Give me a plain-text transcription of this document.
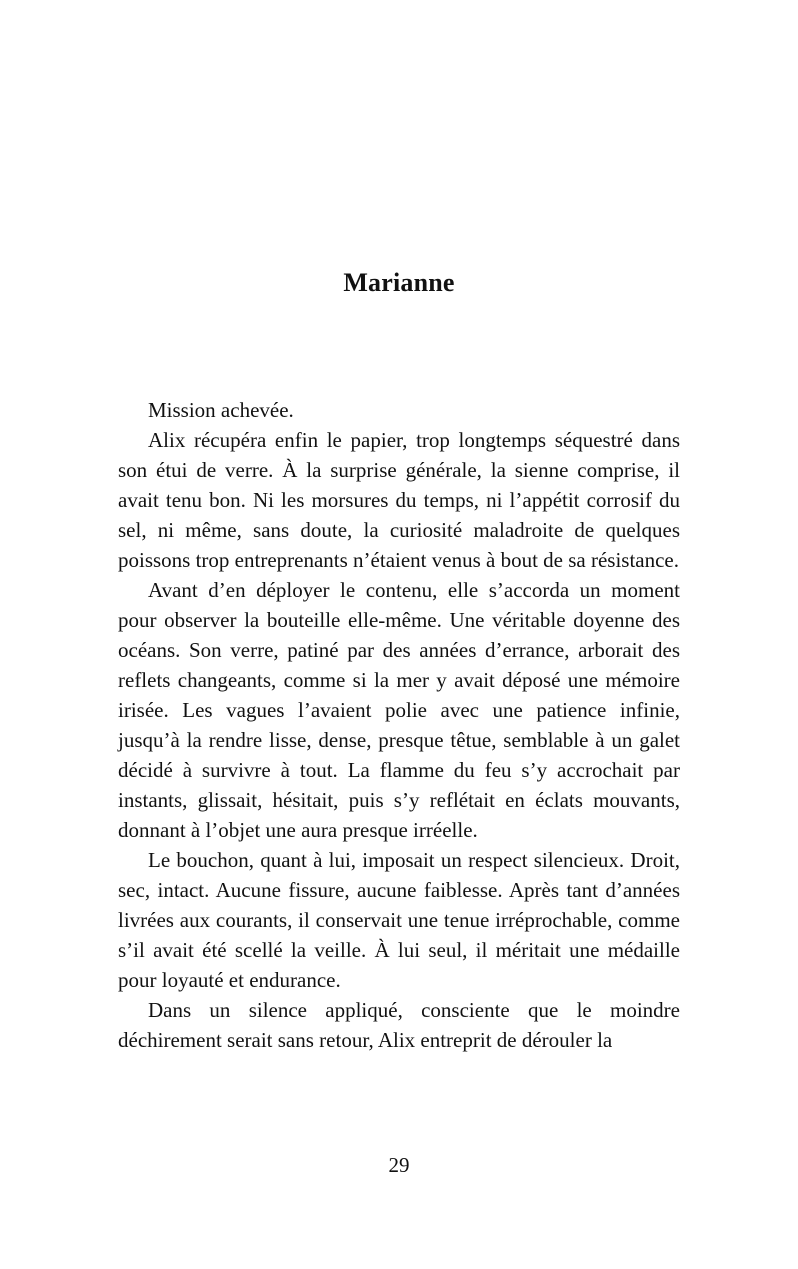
Marianne

Mission achevée.

Alix récupéra enfin le papier, trop longtemps séquestré dans son étui de verre. À la surprise générale, la sienne comprise, il avait tenu bon. Ni les morsures du temps, ni l’appétit corrosif du sel, ni même, sans doute, la curiosité maladroite de quelques poissons trop entreprenants n’étaient venus à bout de sa résistance.

Avant d’en déployer le contenu, elle s’accorda un moment pour observer la bouteille elle-même. Une véritable doyenne des océans. Son verre, patiné par des années d’errance, arborait des reflets changeants, comme si la mer y avait déposé une mémoire irisée. Les vagues l’avaient polie avec une patience infinie, jusqu’à la rendre lisse, dense, presque têtue, semblable à un galet décidé à survivre à tout. La flamme du feu s’y accrochait par instants, glissait, hésitait, puis s’y reflétait en éclats mouvants, donnant à l’objet une aura presque irréelle.

Le bouchon, quant à lui, imposait un respect silencieux. Droit, sec, intact. Aucune fissure, aucune faiblesse. Après tant d’années livrées aux courants, il conservait une tenue irréprochable, comme s’il avait été scellé la veille. À lui seul, il méritait une médaille pour loyauté et endurance.

Dans un silence appliqué, consciente que le moindre déchirement serait sans retour, Alix entreprit de dérouler la

29
